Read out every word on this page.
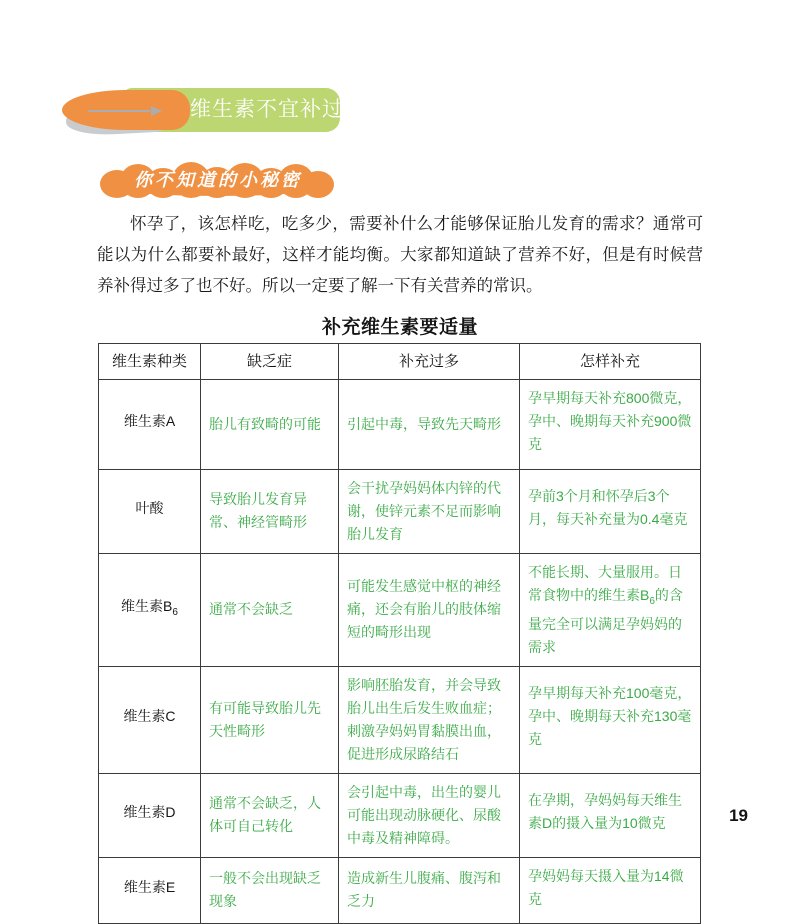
维生素不宜补过量
你不知道的小秘密
怀孕了，该怎样吃，吃多少，需要补什么才能够保证胎儿发育的需求？通常可能以为什么都要补最好，这样才能均衡。大家都知道缺了营养不好，但是有时候营养补得过多了也不好。所以一定要了解一下有关营养的常识。
补充维生素要适量
维生素种类	缺乏症	补充过多	怎样补充
维生素A	胎儿有致畸的可能	引起中毒，导致先天畸形	孕早期每天补充800微克，孕中、晚期每天补充900微克
叶酸	导致胎儿发育异常、神经管畸形	会干扰孕妈妈体内锌的代谢，使锌元素不足而影响胎儿发育	孕前3个月和怀孕后3个月，每天补充量为0.4毫克
维生素$B_6$	通常不会缺乏	可能发生感觉中枢的神经痛，还会有胎儿的肢体缩短的畸形出现	不能长期、大量服用。日常食物中的维生素$B_6$的含量完全可以满足孕妈妈的需求
维生素C	有可能导致胎儿先天性畸形	影响胚胎发育，并会导致胎儿出生后发生败血症；刺激孕妈妈胃黏膜出血，促进形成尿路结石	孕早期每天补充100毫克，孕中、晚期每天补充130毫克
维生素D	通常不会缺乏，人体可自己转化	会引起中毒，出生的婴儿可能出现动脉硬化、尿酸中毒及精神障碍。	在孕期，孕妈妈每天维生素D的摄入量为10微克
维生素E	一般不会出现缺乏现象	造成新生儿腹痛、腹泻和乏力	孕妈妈每天摄入量为14微克
19
